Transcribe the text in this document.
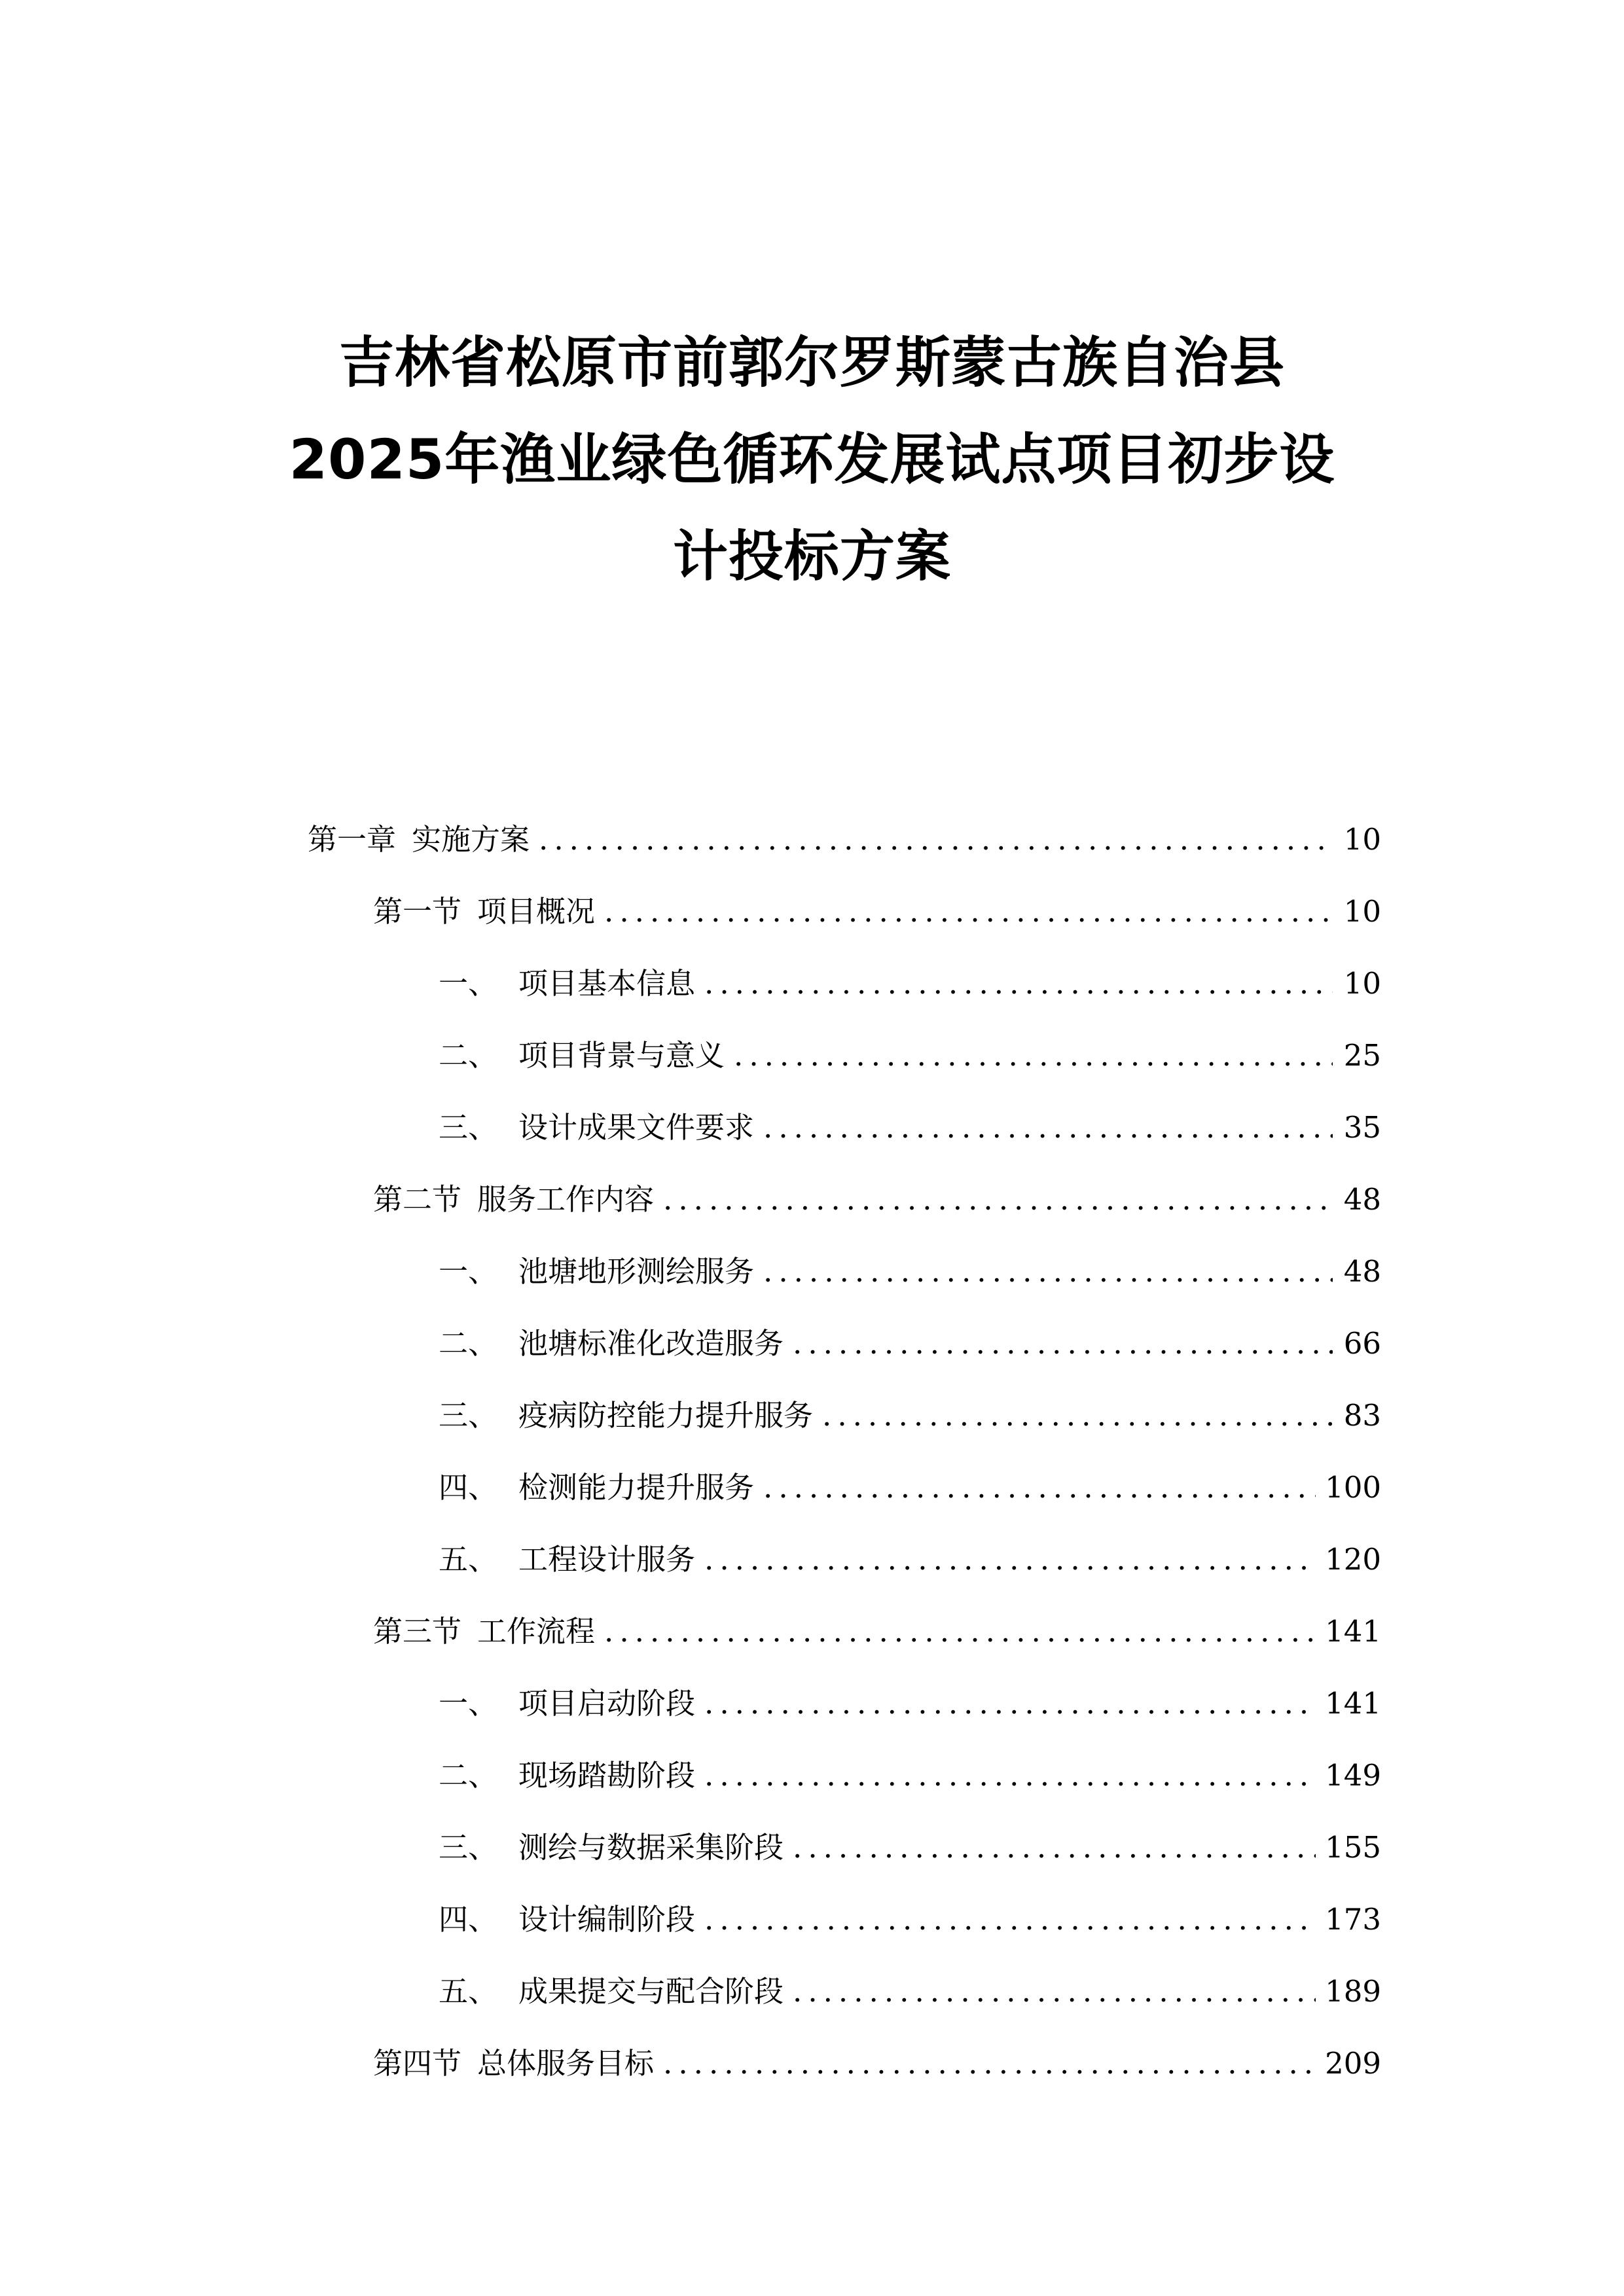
吉林省松原市前郭尔罗斯蒙古族自治县
2025年渔业绿色循环发展试点项目初步设
计投标方案
第一章 实施方案 .....	10
第一节 项目概况 .....	10
一、 项目基本信息 .....	10
二、 项目背景与意义 .....	25
三、 设计成果文件要求 .....	35
第二节 服务工作内容 .....	48
一、 池塘地形测绘服务 .....	48
二、 池塘标准化改造服务 .....	66
三、 疫病防控能力提升服务 .....	83
四、 检测能力提升服务 .....	100
五、 工程设计服务 .....	120
第三节 工作流程 .....	141
一、 项目启动阶段 .....	141
二、 现场踏勘阶段 .....	149
三、 测绘与数据采集阶段 .....	155
四、 设计编制阶段 .....	173
五、 成果提交与配合阶段 .....	189
第四节 总体服务目标 .....	209
